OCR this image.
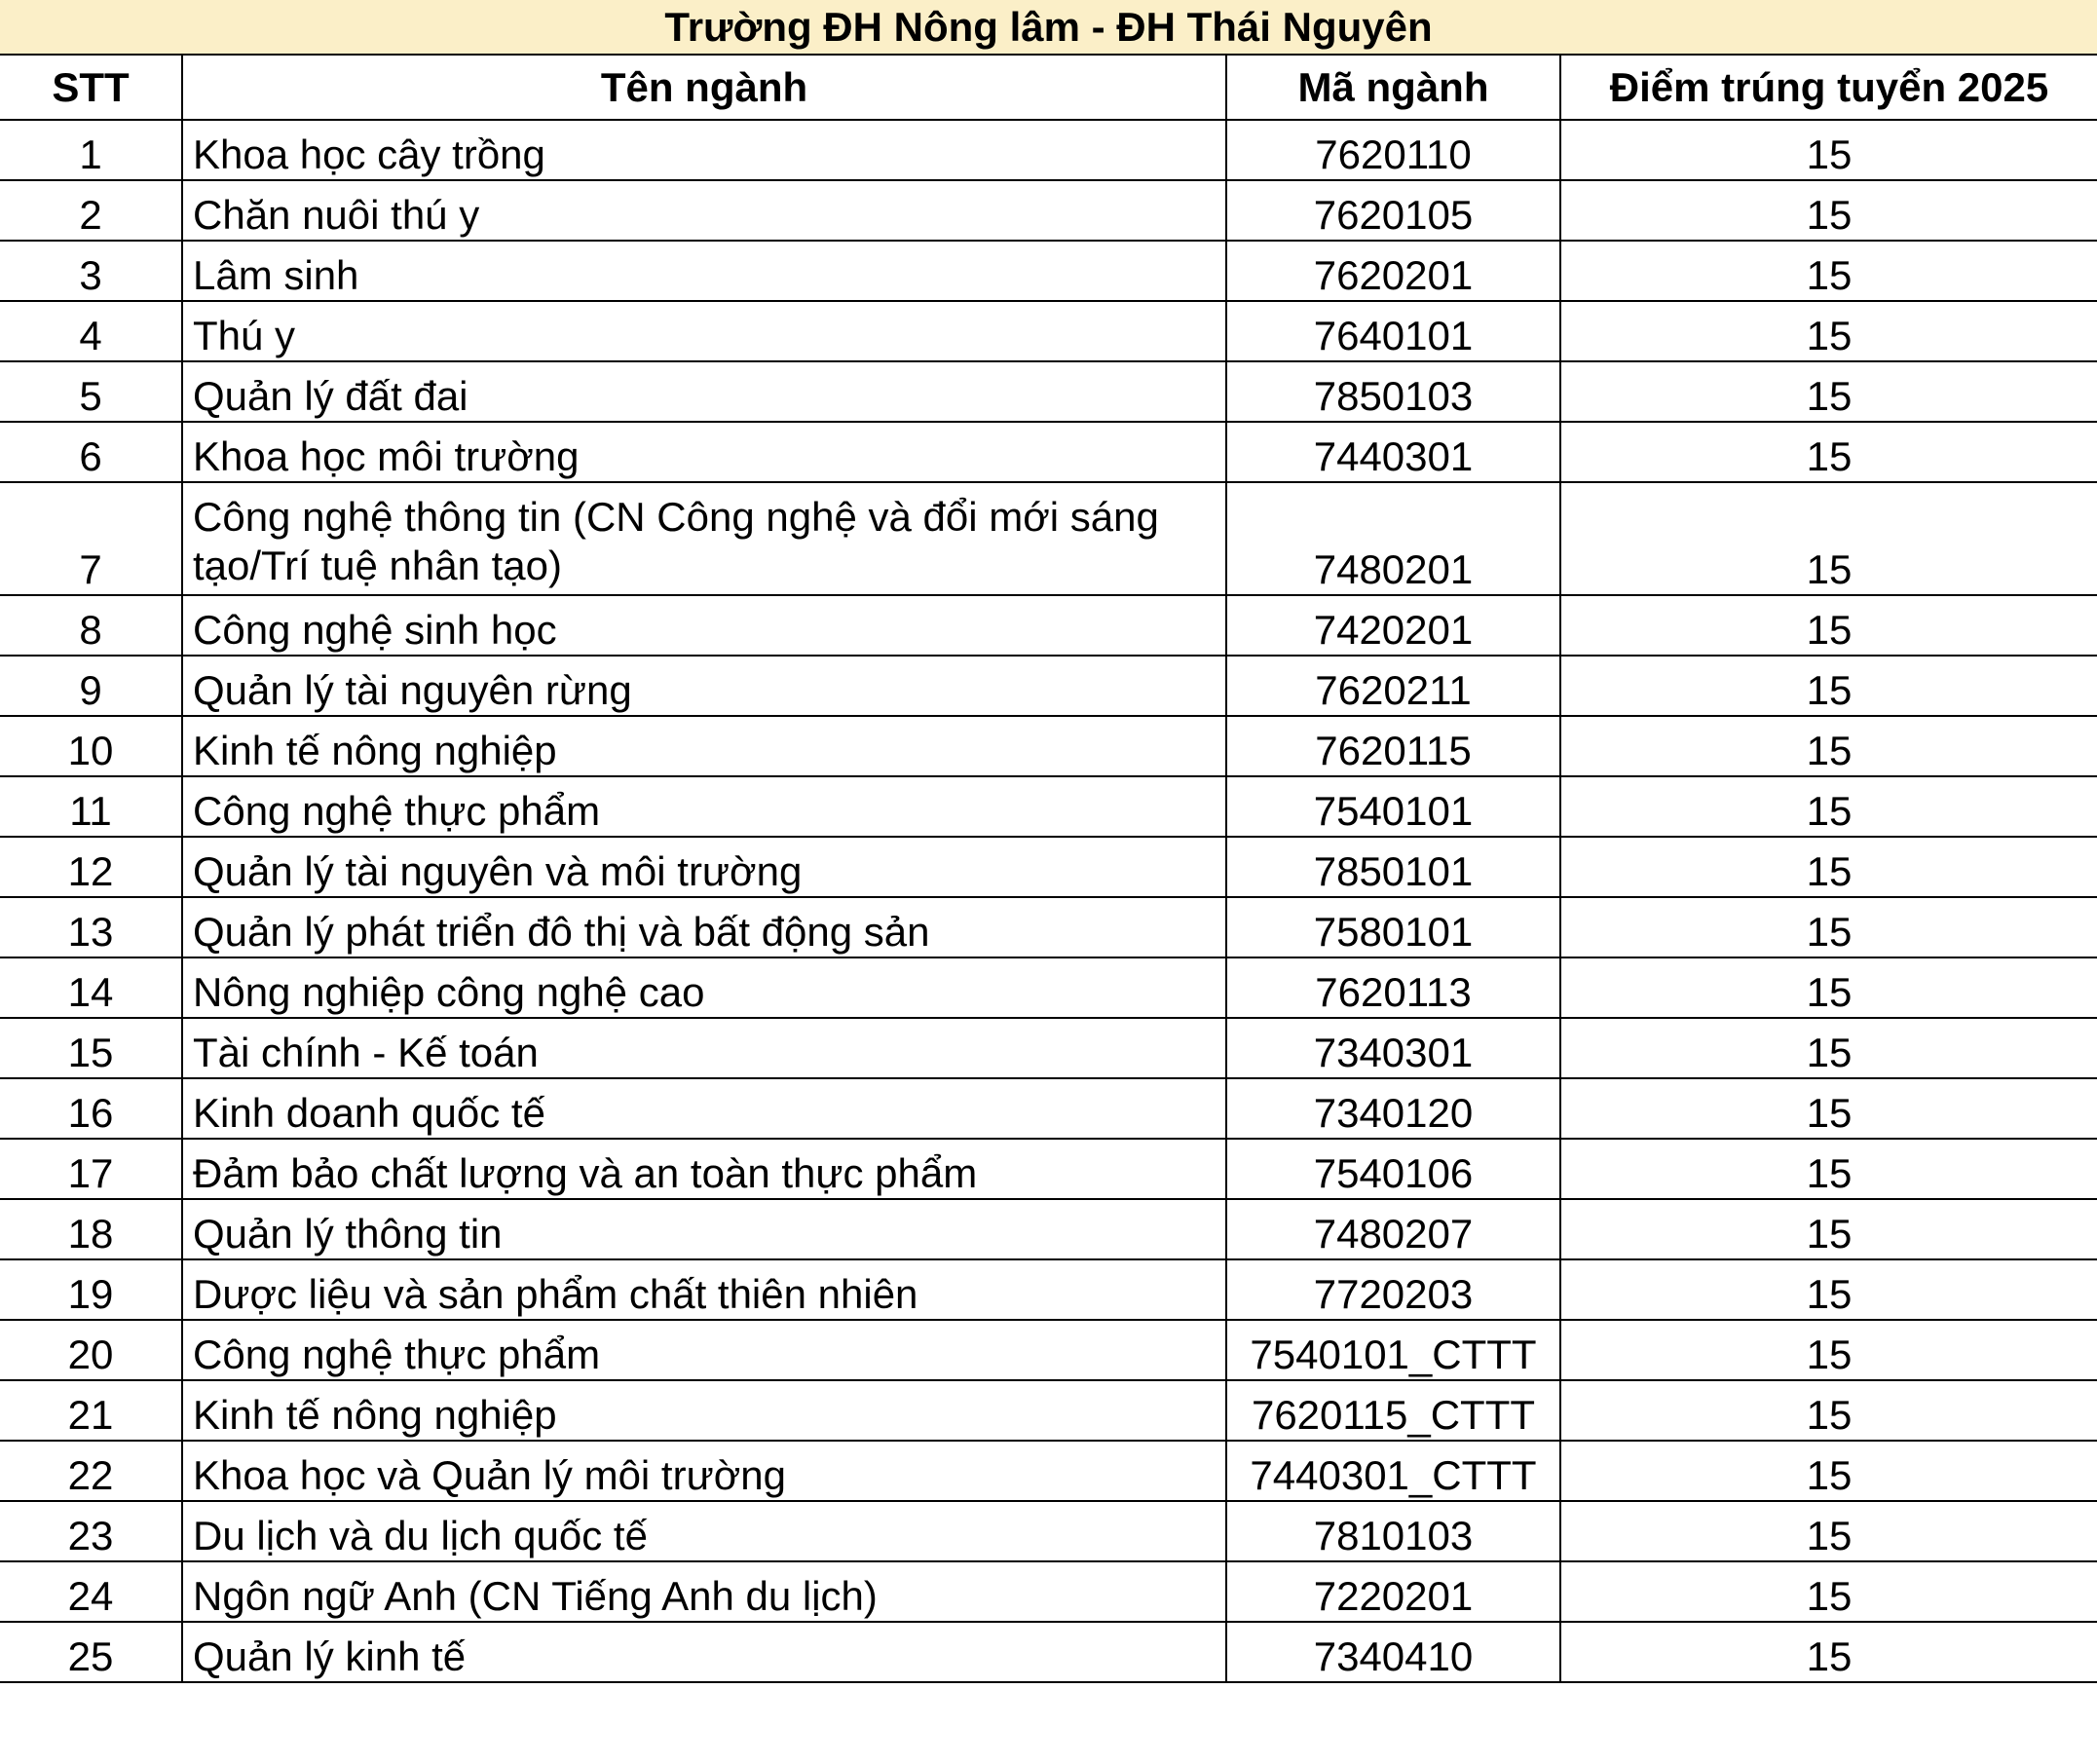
Trường ĐH Nông lâm - ĐH Thái Nguyên
STT	Tên ngành	Mã ngành	Điểm trúng tuyển 2025
1	Khoa học cây trồng	7620110	15
2	Chăn nuôi thú y	7620105	15
3	Lâm sinh	7620201	15
4	Thú y	7640101	15
5	Quản lý đất đai	7850103	15
6	Khoa học môi trường	7440301	15
7	Công nghệ thông tin (CN Công nghệ và đổi mới sáng tạo/Trí tuệ nhân tạo)	7480201	15
8	Công nghệ sinh học	7420201	15
9	Quản lý tài nguyên rừng	7620211	15
10	Kinh tế nông nghiệp	7620115	15
11	Công nghệ thực phẩm	7540101	15
12	Quản lý tài nguyên và môi trường	7850101	15
13	Quản lý phát triển đô thị và bất động sản	7580101	15
14	Nông nghiệp công nghệ cao	7620113	15
15	Tài chính - Kế toán	7340301	15
16	Kinh doanh quốc tế	7340120	15
17	Đảm bảo chất lượng và an toàn thực phẩm	7540106	15
18	Quản lý thông tin	7480207	15
19	Dược liệu và sản phẩm chất thiên nhiên	7720203	15
20	Công nghệ thực phẩm	7540101_CTTT	15
21	Kinh tế nông nghiệp	7620115_CTTT	15
22	Khoa học và Quản lý môi trường	7440301_CTTT	15
23	Du lịch và du lịch quốc tế	7810103	15
24	Ngôn ngữ Anh (CN Tiếng Anh du lịch)	7220201	15
25	Quản lý kinh tế	7340410	15
